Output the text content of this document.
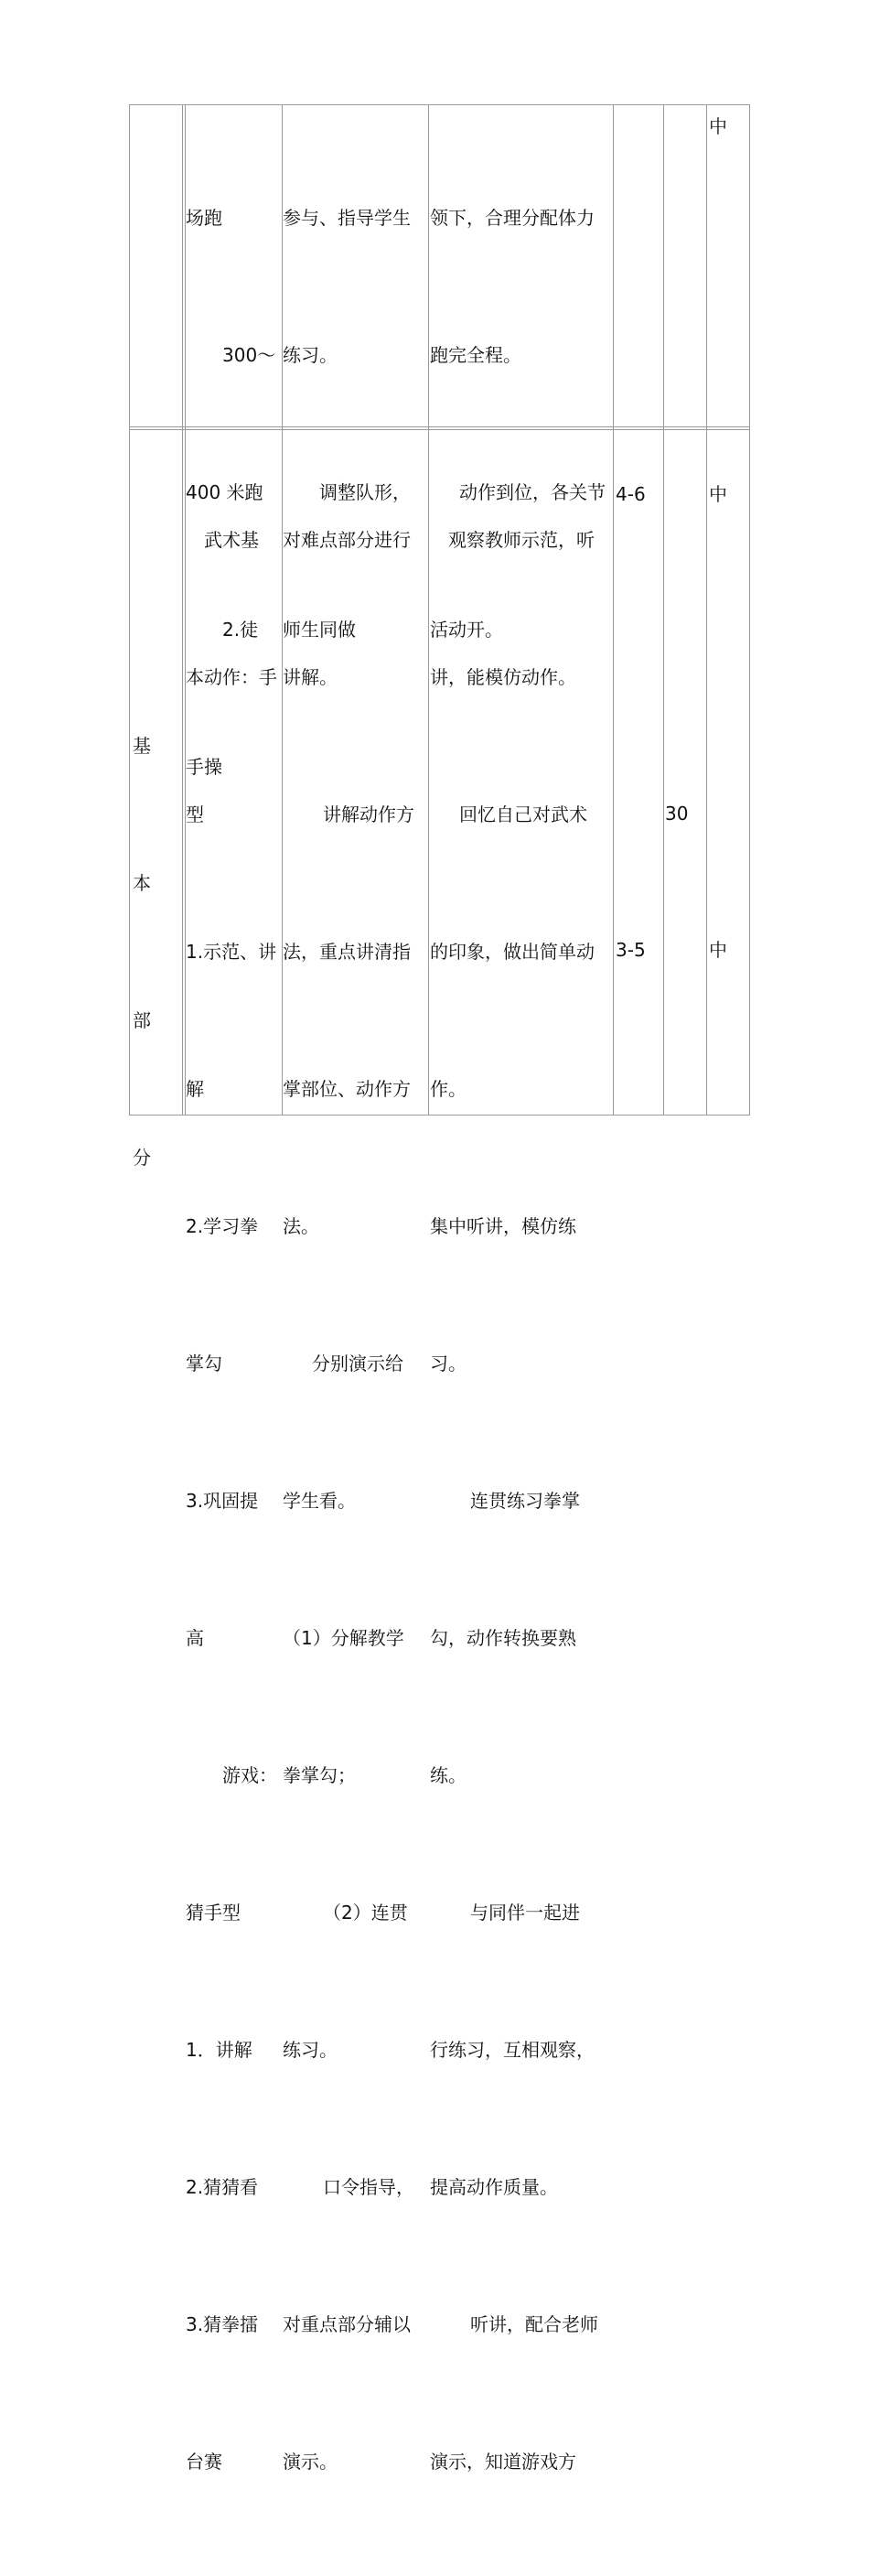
场跑

300～

400 米跑

2.徒

手操

参与、指导学生

练习。

调整队形，

师生同做

领下，合理分配体力

跑完全程。

动作到位，各关节

活动开。

中

基

本

部

分

武术基

本动作：手

型

1.示范、讲

解

2.学习拳

掌勾

3.巩固提

高

游戏：

猜手型

1．讲解

2.猜猜看

3.猜拳擂

台赛

对难点部分进行

讲解。

讲解动作方

法，重点讲清指

掌部位、动作方

法。

分别演示给

学生看。

（1）分解教学

拳掌勾；

（2）连贯

练习。

口令指导，

对重点部分辅以

演示。

观察教师示范，听

讲，能模仿动作。

回忆自己对武术

的印象，做出简单动

作。

集中听讲，模仿练

习。

连贯练习拳掌

勾，动作转换要熟

练。

与同伴一起进

行练习，互相观察，

提高动作质量。

听讲，配合老师

演示，知道游戏方

4-6
3-5
30
中
中
